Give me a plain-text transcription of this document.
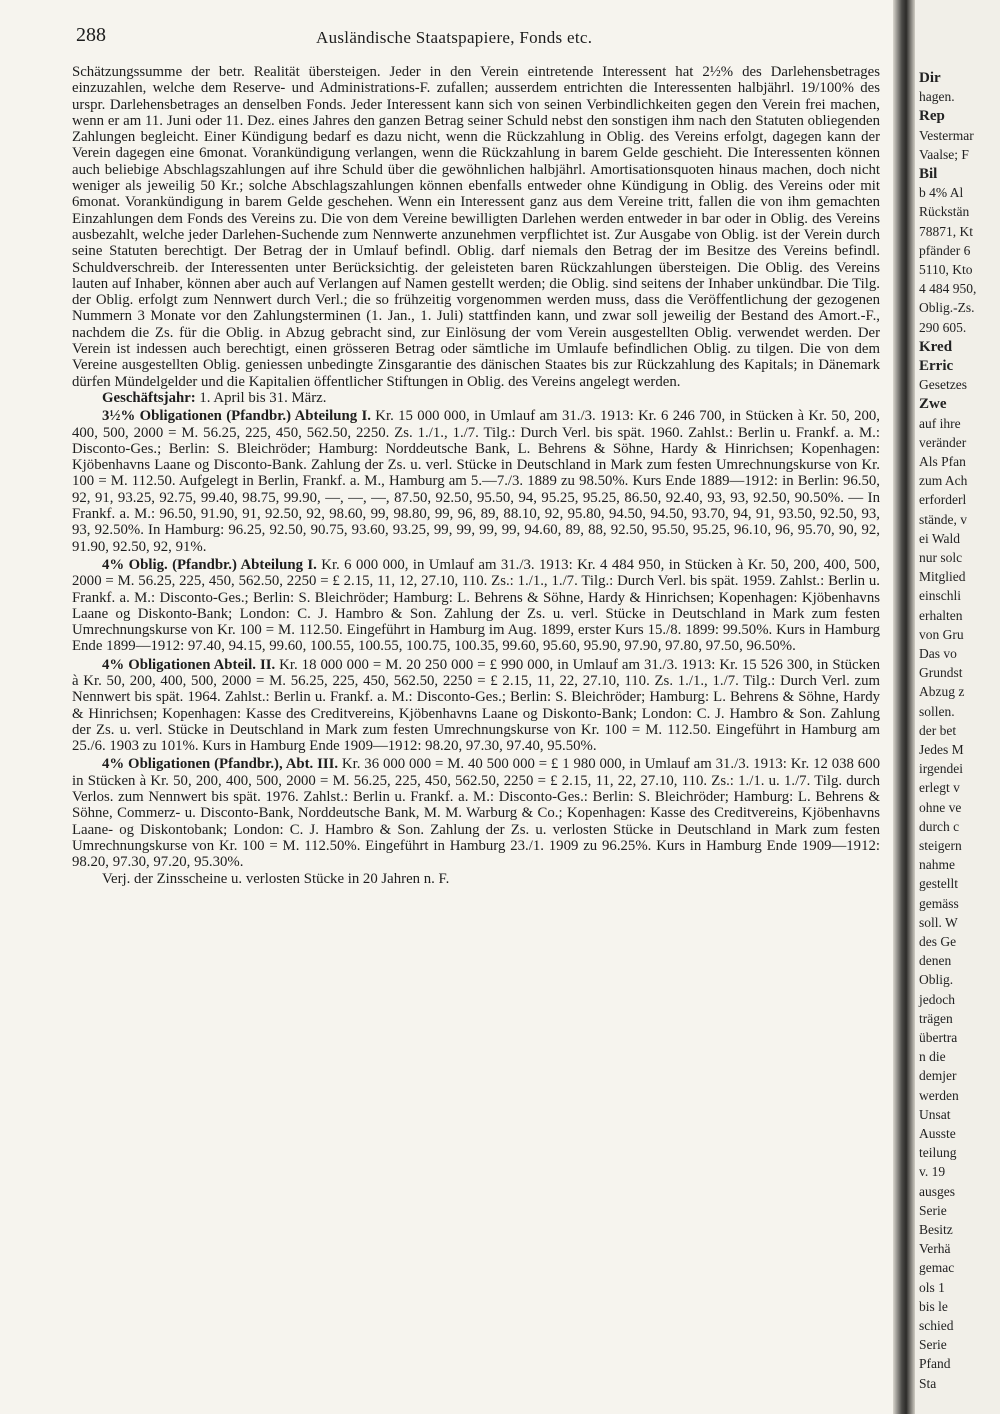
288	Ausländische Staatspapiere, Fonds etc.

Schätzungssumme der betr. Realität übersteigen. Jeder in den Verein eintretende Interessent hat 2½% des Darlehensbetrages einzuzahlen, welche dem Reserve- und Administrations-F. zufallen; ausserdem entrichten die Interessenten halbjährl. 19/100% des urspr. Darlehensbetrages an denselben Fonds. Jeder Interessent kann sich von seinen Verbindlichkeiten gegen den Verein frei machen, wenn er am 11. Juni oder 11. Dez. eines Jahres den ganzen Betrag seiner Schuld nebst den sonstigen ihm nach den Statuten obliegenden Zahlungen begleicht. Einer Kündigung bedarf es dazu nicht, wenn die Rückzahlung in Oblig. des Vereins erfolgt, dagegen kann der Verein dagegen eine 6monat. Vorankündigung verlangen, wenn die Rückzahlung in barem Gelde geschieht. Die Interessenten können auch beliebige Abschlagszahlungen auf ihre Schuld über die gewöhnlichen halbjährl. Amortisationsquoten hinaus machen, doch nicht weniger als jeweilig 50 Kr.; solche Abschlagszahlungen können ebenfalls entweder ohne Kündigung in Oblig. des Vereins oder mit 6monat. Vorankündigung in barem Gelde geschehen. Wenn ein Interessent ganz aus dem Vereine tritt, fallen die von ihm gemachten Einzahlungen dem Fonds des Vereins zu. Die von dem Vereine bewilligten Darlehen werden entweder in bar oder in Oblig. des Vereins ausbezahlt, welche jeder Darlehen-Suchende zum Nennwerte anzunehmen verpflichtet ist. Zur Ausgabe von Oblig. ist der Verein durch seine Statuten berechtigt. Der Betrag der in Umlauf befindl. Oblig. darf niemals den Betrag der im Besitze des Vereins befindl. Schuldverschreib. der Interessenten unter Berücksichtig. der geleisteten baren Rückzahlungen übersteigen. Die Oblig. des Vereins lauten auf Inhaber, können aber auch auf Verlangen auf Namen gestellt werden; die Oblig. sind seitens der Inhaber unkündbar. Die Tilg. der Oblig. erfolgt zum Nennwert durch Verl.; die so frühzeitig vorgenommen werden muss, dass die Veröffentlichung der gezogenen Nummern 3 Monate vor den Zahlungsterminen (1. Jan., 1. Juli) stattfinden kann, und zwar soll jeweilig der Bestand des Amort.-F., nachdem die Zs. für die Oblig. in Abzug gebracht sind, zur Einlösung der vom Verein ausgestellten Oblig. verwendet werden. Der Verein ist indessen auch berechtigt, einen grösseren Betrag oder sämtliche im Umlaufe befindlichen Oblig. zu tilgen. Die von dem Vereine ausgestellten Oblig. geniessen unbedingte Zinsgarantie des dänischen Staates bis zur Rückzahlung des Kapitals; in Dänemark dürfen Mündelgelder und die Kapitalien öffentlicher Stiftungen in Oblig. des Vereins angelegt werden.

Geschäftsjahr: 1. April bis 31. März.

3½% Obligationen (Pfandbr.) Abteilung I. Kr. 15 000 000, in Umlauf am 31./3. 1913: Kr. 6 246 700, in Stücken à Kr. 50, 200, 400, 500, 2000 = M. 56.25, 225, 450, 562.50, 2250. Zs. 1./1., 1./7. Tilg.: Durch Verl. bis spät. 1960. Zahlst.: Berlin u. Frankf. a. M.: Disconto-Ges.; Berlin: S. Bleichröder; Hamburg: Norddeutsche Bank, L. Behrens & Söhne, Hardy & Hinrichsen; Kopenhagen: Kjöbenhavns Laane og Disconto-Bank. Zahlung der Zs. u. verl. Stücke in Deutschland in Mark zum festen Umrechnungskurse von Kr. 100 = M. 112.50. Aufgelegt in Berlin, Frankf. a. M., Hamburg am 5.—7./3. 1889 zu 98.50%. Kurs Ende 1889—1912: in Berlin: 96.50, 92, 91, 93.25, 92.75, 99.40, 98.75, 99.90, —, —, —, 87.50, 92.50, 95.50, 94, 95.25, 95.25, 86.50, 92.40, 93, 93, 92.50, 90.50%. — In Frankf. a. M.: 96.50, 91.90, 91, 92.50, 92, 98.60, 99, 98.80, 99, 96, 89, 88.10, 92, 95.80, 94.50, 94.50, 93.70, 94, 91, 93.50, 92.50, 93, 93, 92.50%. In Hamburg: 96.25, 92.50, 90.75, 93.60, 93.25, 99, 99, 99, 99, 94.60, 89, 88, 92.50, 95.50, 95.25, 96.10, 96, 95.70, 90, 92, 91.90, 92.50, 92, 91%.

4% Oblig. (Pfandbr.) Abteilung I. Kr. 6 000 000, in Umlauf am 31./3. 1913: Kr. 4 484 950, in Stücken à Kr. 50, 200, 400, 500, 2000 = M. 56.25, 225, 450, 562.50, 2250 = £ 2.15, 11, 12, 27.10, 110. Zs.: 1./1., 1./7. Tilg.: Durch Verl. bis spät. 1959. Zahlst.: Berlin u. Frankf. a. M.: Disconto-Ges.; Berlin: S. Bleichröder; Hamburg: L. Behrens & Söhne, Hardy & Hinrichsen; Kopenhagen: Kjöbenhavns Laane og Diskonto-Bank; London: C. J. Hambro & Son. Zahlung der Zs. u. verl. Stücke in Deutschland in Mark zum festen Umrechnungskurse von Kr. 100 = M. 112.50. Eingeführt in Hamburg im Aug. 1899, erster Kurs 15./8. 1899: 99.50%. Kurs in Hamburg Ende 1899—1912: 97.40, 94.15, 99.60, 100.55, 100.55, 100.75, 100.35, 99.60, 95.60, 95.90, 97.90, 97.80, 97.50, 96.50%.

4% Obligationen Abteil. II. Kr. 18 000 000 = M. 20 250 000 = £ 990 000, in Umlauf am 31./3. 1913: Kr. 15 526 300, in Stücken à Kr. 50, 200, 400, 500, 2000 = M. 56.25, 225, 450, 562.50, 2250 = £ 2.15, 11, 22, 27.10, 110. Zs. 1./1., 1./7. Tilg.: Durch Verl. zum Nennwert bis spät. 1964. Zahlst.: Berlin u. Frankf. a. M.: Disconto-Ges.; Berlin: S. Bleichröder; Hamburg: L. Behrens & Söhne, Hardy & Hinrichsen; Kopenhagen: Kasse des Creditvereins, Kjöbenhavns Laane og Diskonto-Bank; London: C. J. Hambro & Son. Zahlung der Zs. u. verl. Stücke in Deutschland in Mark zum festen Umrechnungskurse von Kr. 100 = M. 112.50. Eingeführt in Hamburg am 25./6. 1903 zu 101%. Kurs in Hamburg Ende 1909—1912: 98.20, 97.30, 97.40, 95.50%.

4% Obligationen (Pfandbr.), Abt. III. Kr. 36 000 000 = M. 40 500 000 = £ 1 980 000, in Umlauf am 31./3. 1913: Kr. 12 038 600 in Stücken à Kr. 50, 200, 400, 500, 2000 = M. 56.25, 225, 450, 562.50, 2250 = £ 2.15, 11, 22, 27.10, 110. Zs.: 1./1. u. 1./7. Tilg. durch Verlos. zum Nennwert bis spät. 1976. Zahlst.: Berlin u. Frankf. a. M.: Disconto-Ges.: Berlin: S. Bleichröder; Hamburg: L. Behrens & Söhne, Commerz- u. Disconto-Bank, Norddeutsche Bank, M. M. Warburg & Co.; Kopenhagen: Kasse des Creditvereins, Kjöbenhavns Laane- og Diskontobank; London: C. J. Hambro & Son. Zahlung der Zs. u. verlosten Stücke in Deutschland in Mark zum festen Umrechnungskurse von Kr. 100 = M. 112.50%. Eingeführt in Hamburg 23./1. 1909 zu 96.25%. Kurs in Hamburg Ende 1909—1912: 98.20, 97.30, 97.20, 95.30%.

Verj. der Zinsscheine u. verlosten Stücke in 20 Jahren n. F.

Dir
hagen.
Rep
Vestermar
Vaalse; F
Bil
b 4% Al
Rückstän
78871, Kt
pfänder 6
5110, Kto
4 484 950,
Oblig.-Zs.
290 605.
Kred
Erric
Gesetzes
Zwe
auf ihre
veränder
Als Pfan
zum Ach
erforderl
stände, v
ei Wald
nur solc
Mitglied
einschli
erhalten
von Gru
Das vo
Grundst
Abzug z
sollen.
der bet
Jedes M
irgendei
erlegt v
ohne ve
durch c
steigern
nahme
gestellt
gemäss
soll. W
des Ge
denen
Oblig.
jedoch
trägen
übertra
n die
demjer
werden
Unsat
Ausste
teilung
v. 19
ausges
Serie
Besitz
Verhä
gemac
ols 1
bis le
schied
Serie
Pfand
Sta
